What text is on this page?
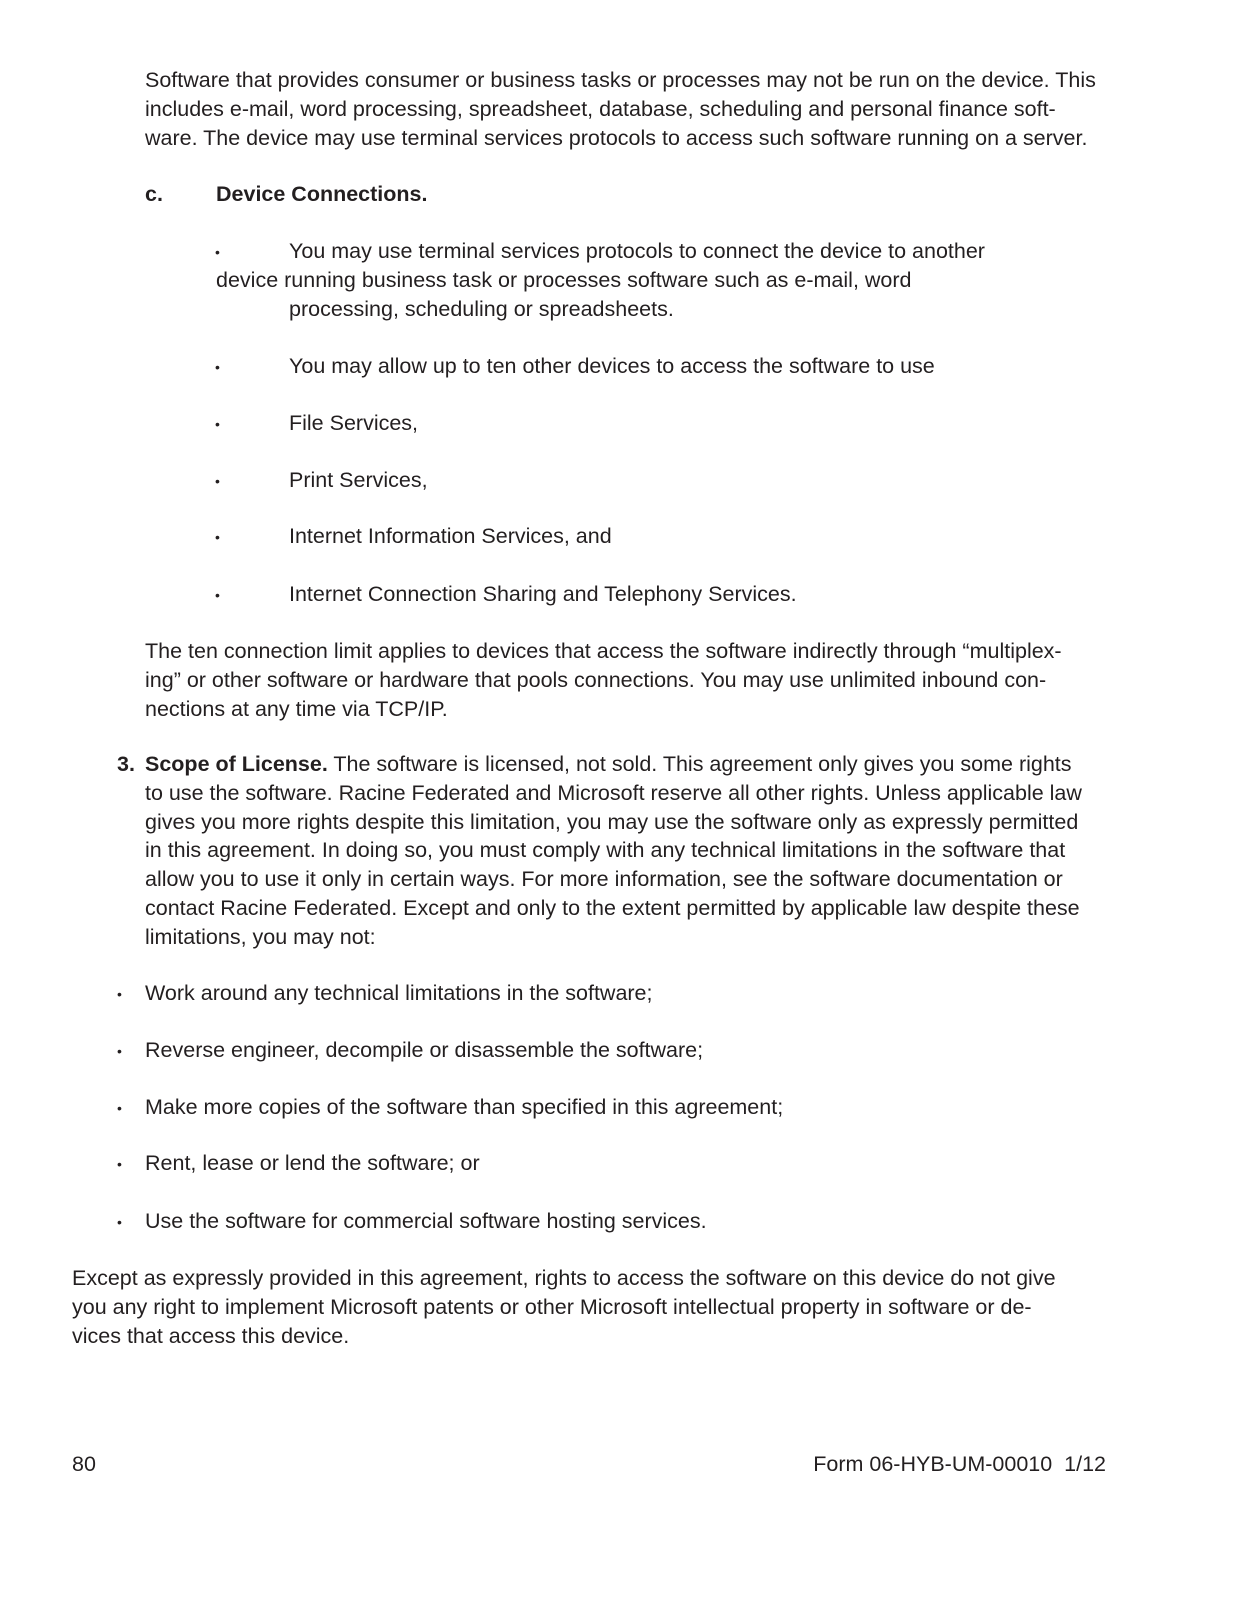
Software that provides consumer or business tasks or processes may not be run on the device. This
includes e-mail, word processing, spreadsheet, database, scheduling and personal finance soft-
ware. The device may use terminal services protocols to access such software running on a server.
c. Device Connections.
•	You may use terminal services protocols to connect the device to another
device running business task or processes software such as e-mail, word
processing, scheduling or spreadsheets.
•	You may allow up to ten other devices to access the software to use
•	File Services,
•	Print Services,
•	Internet Information Services, and
•	Internet Connection Sharing and Telephony Services.
The ten connection limit applies to devices that access the software indirectly through “multiplex-
ing” or other software or hardware that pools connections. You may use unlimited inbound con-
nections at any time via TCP/IP.
3. Scope of License. The software is licensed, not sold. This agreement only gives you some rights
to use the software. Racine Federated and Microsoft reserve all other rights. Unless applicable law
gives you more rights despite this limitation, you may use the software only as expressly permitted
in this agreement. In doing so, you must comply with any technical limitations in the software that
allow you to use it only in certain ways. For more information, see the software documentation or
contact Racine Federated. Except and only to the extent permitted by applicable law despite these
limitations, you may not:
• Work around any technical limitations in the software;
• Reverse engineer, decompile or disassemble the software;
• Make more copies of the software than specified in this agreement;
• Rent, lease or lend the software; or
• Use the software for commercial software hosting services.
Except as expressly provided in this agreement, rights to access the software on this device do not give
you any right to implement Microsoft patents or other Microsoft intellectual property in software or de-
vices that access this device.
80	Form 06-HYB-UM-00010  1/12
